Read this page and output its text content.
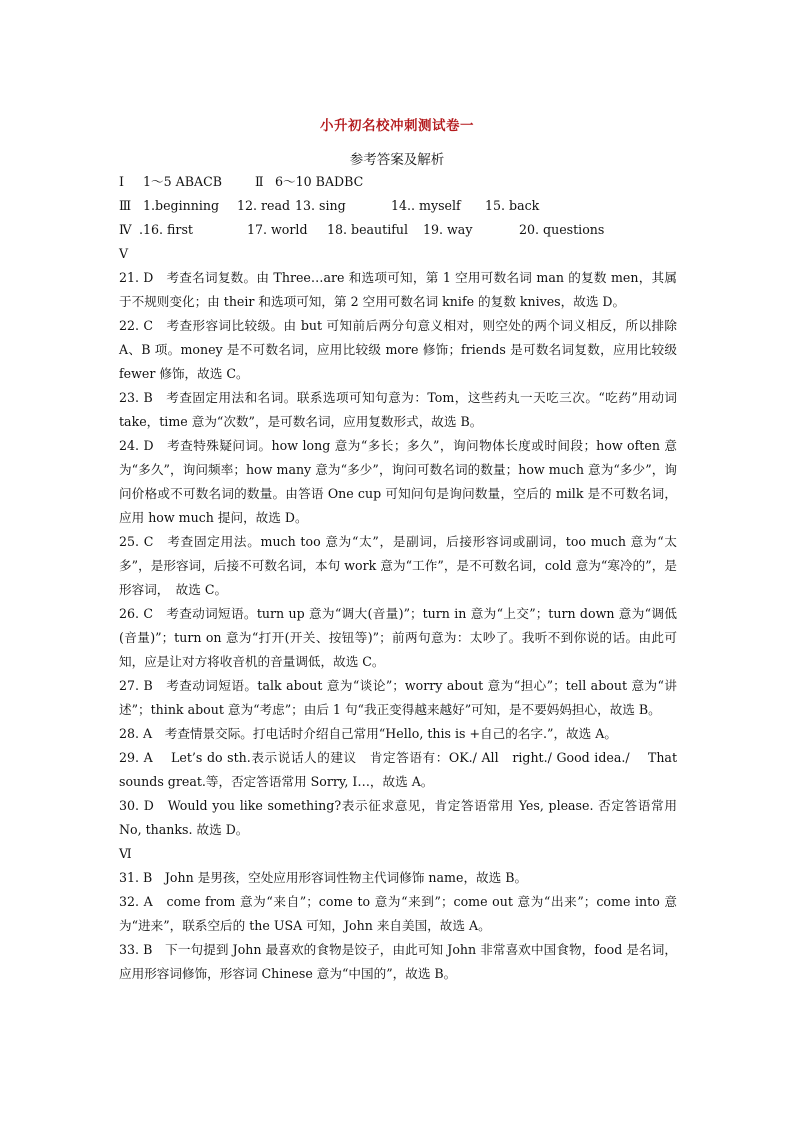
小升初名校冲刺测试卷一
参考答案及解析
Ⅰ 1～5 ABACB	Ⅱ 6～10 BADBC
Ⅲ 1.beginning 12. read 13. sing	14.. myself 15. back
Ⅳ .16. first	17. world 18. beautiful 19. way	20. questions
Ⅴ

21. D　考查名词复数。由 Three…are 和选项可知，第 1 空用可数名词 man 的复数 men，其属于不规则变化；由 their 和选项可知，第 2 空用可数名词 knife 的复数 knives，故选 D。

22. C　考查形容词比较级。由 but 可知前后两分句意义相对，则空处的两个词义相反，所以排除 A、B 项。money 是不可数名词，应用比较级 more 修饰；friends 是可数名词复数，应用比较级 fewer 修饰，故选 C。

23. B　考查固定用法和名词。联系选项可知句意为：Tom，这些药丸一天吃三次。“吃药”用动词 take，time 意为“次数”，是可数名词，应用复数形式，故选 B。

24. D　考查特殊疑问词。how long 意为“多长；多久”，询问物体长度或时间段；how often 意为“多久”，询问频率；how many 意为“多少”，询问可数名词的数量；how much 意为“多少”，询问价格或不可数名词的数量。由答语 One cup 可知问句是询问数量，空后的 milk 是不可数名词，应用 how much 提问，故选 D。

25. C　考查固定用法。much too 意为“太”，是副词，后接形容词或副词，too much 意为“太多”，是形容词，后接不可数名词，本句 work 意为“工作”，是不可数名词，cold 意为“寒冷的”，是形容词，　故选 C。

26. C　考查动词短语。turn up 意为“调大(音量)”；turn in 意为“上交”；turn down 意为“调低(音量)”；turn on 意为“打开(开关、按钮等)”；前两句意为：太吵了。我听不到你说的话。由此可知，应是让对方将收音机的音量调低，故选 C。

27. B　考查动词短语。talk about 意为“谈论”；worry about 意为“担心”；tell about 意为“讲述”；think about 意为“考虑”；由后 1 句“我正变得越来越好”可知，是不要妈妈担心，故选 B。

28. A　考查情景交际。打电话时介绍自己常用“Hello, this is +自己的名字.”，故选 A。

29. A　 Let’s do sth.表示说话人的建议　肯定答语有：OK./ All　right./ Good idea./　 That sounds great.等，否定答语常用 Sorry, I…，故选 A。

30. D　Would you like something?表示征求意见，肯定答语常用 Yes, please. 否定答语常用 No, thanks. 故选 D。

Ⅵ

31. B　John 是男孩，空处应用形容词性物主代词修饰 name，故选 B。

32. A　come from 意为“来自”；come to 意为“来到”；come out 意为“出来”；come into 意为“进来”，联系空后的 the USA 可知，John 来自美国，故选 A。

33. B　下一句提到 John 最喜欢的食物是饺子，由此可知 John 非常喜欢中国食物，food 是名词，应用形容词修饰，形容词 Chinese 意为“中国的”，故选 B。
